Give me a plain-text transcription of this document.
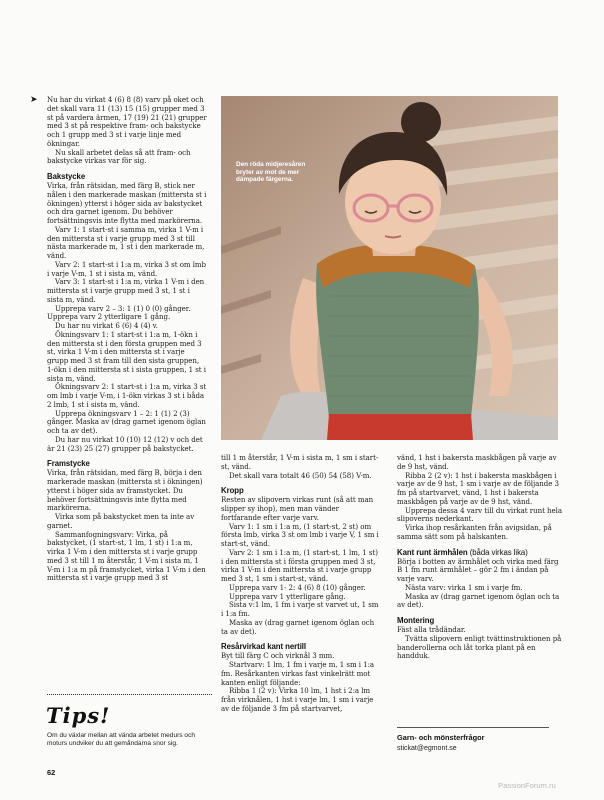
➤ Nu har du virkat 4 (6) 8 (8) varv på oket och det skall vara 11 (13) 15 (15) grupper med 3 st på vardera ärmen, 17 (19) 21 (21) grupper med 3 st på respektive fram- och bakstycke och 1 grupp med 3 st i varje linje med ökningar.

Nu skall arbetet delas så att fram- och bakstycke virkas var för sig.

Bakstycke

Virka, från rätsidan, med färg B, stick ner nålen i den markerade maskan (mittersta st i ökningen) ytterst i höger sida av bakstycket och dra garnet igenom. Du behöver fortsättningsvis inte flytta med markörerna.

Varv 1: 1 start-st i samma m, virka 1 V-m i den mittersta st i varje grupp med 3 st till nästa markerade m, 1 st i den markerade m, vänd.

Varv 2: 1 start-st i 1:a m, virka 3 st om lmb i varje V-m, 1 st i sista m, vänd.

Varv 3: 1 start-st i 1:a m, virka 1 V-m i den mittersta st i varje grupp med 3 st, 1 st i sista m, vänd.

Upprepa varv 2 – 3: 1 (1) 0 (0) gånger. Upprepa varv 2 ytterligare 1 gång.

Du har nu virkat 6 (6) 4 (4) v.

Ökningsvarv 1: 1 start-st i 1:a m, 1-ökn i den mittersta st i den första gruppen med 3 st, virka 1 V-m i den mittersta st i varje grupp med 3 st fram till den sista gruppen, 1-ökn i den mittersta st i sista gruppen, 1 st i sista m, vänd.

Ökningsvarv 2: 1 start-st i 1:a m, virka 3 st om lmb i varje V-m, i 1-ökn virkas 3 st i båda 2 lmb, 1 st i sista m, vänd.

Upprepa ökningsvarv 1 – 2: 1 (1) 2 (3) gånger. Maska av (drag garnet igenom öglan och ta av det).

Du har nu virkat 10 (10) 12 (12) v och det är 21 (23) 25 (27) grupper på bakstycket.

Framstycke

Virka, från rätsidan, med färg B, börja i den markerade maskan (mittersta st i ökningen) ytterst i höger sida av framstycket. Du behöver fortsättningsvis inte flytta med markörerna.

Virka som på bakstycket men ta inte av garnet.

Sammanfogningsvarv: Virka, på bakstycket, (1 start-st, 1 lm, 1 st) i 1:a m, virka 1 V-m i den mittersta st i varje grupp med 3 st till 1 m återstår, 1 V-m i sista m, 1 V-m i 1:a m på framstycket, virka 1 V-m i den mittersta st i varje grupp med 3 st

Den röda midjeresåren bryter av mot de mer dämpade färgerna.

till 1 m återstår, 1 V-m i sista m, 1 sm i start-st, vänd.

Det skall vara totalt 46 (50) 54 (58) V-m.

Kropp

Resten av slipovern virkas runt (så att man slipper sy ihop), men man vänder fortfarande efter varje varv.

Varv 1: 1 sm i 1:a m, (1 start-st, 2 st) om första lmb, virka 3 st om lmb i varje V, 1 sm i start-st, vänd.

Varv 2: 1 sm i 1:a m, (1 start-st, 1 lm, 1 st) i den mittersta st i första gruppen med 3 st, virka 1 V-m i den mittersta st i varje grupp med 3 st, 1 sm i start-st, vänd.

Upprepa varv 1- 2: 4 (6) 8 (10) gånger.

Upprepa varv 1 ytterligare gång.

Sista v:1 lm, 1 fm i varje st varvet ut, 1 sm i 1:a fm.

Maska av (drag garnet igenom öglan och ta av det).

Resårvirkad kant nertill

Byt till färg C och virknål 3 mm.

Startvarv: 1 lm, 1 fm i varje m, 1 sm i 1:a fm. Resårkanten virkas fast vinkelrätt mot kanten enligt följande:

Ribba 1 (2 v): Virka 10 lm, 1 hst i 2:a lm från virknålen, 1 hst i varje lm, 1 sm i varje av de följande 3 fm på startvarvet,

vänd, 1 hst i bakersta maskbågen på varje av de 9 hst, vänd.

Ribba 2 (2 v): 1 hst i bakersta maskbågen i varje av de 9 hst, 1 sm i varje av de följande 3 fm på startvarvet, vänd, 1 hst i bakersta maskbågen på varje av de 9 hst, vänd.

Upprepa dessa 4 varv till du virkat runt hela slipoverns nederkant.

Virka ihop resårkanten från avigsidan, på samma sätt som på halskanten.

Kant runt ärmhålen (båda virkas lika)

Börja i botten av ärmhålet och virka med färg B 1 fm runt ärmhålet – gör 2 fm i ändan på varje varv.

Nästa varv: virka 1 sm i varje fm.

Maska av (drag garnet igenom öglan och ta av det).

Montering

Fäst alla trådändar.

Tvätta slipovern enligt tvättinstruktionen på banderollerna och låt torka plant på en handduk.

Tips!
Om du växlar mellan att vända arbetet medurs och moturs undviker du att gemåndarna snor sig.
Garn- och mönsterfrågor
stickat@egmont.se
62
PassionForum.ru
